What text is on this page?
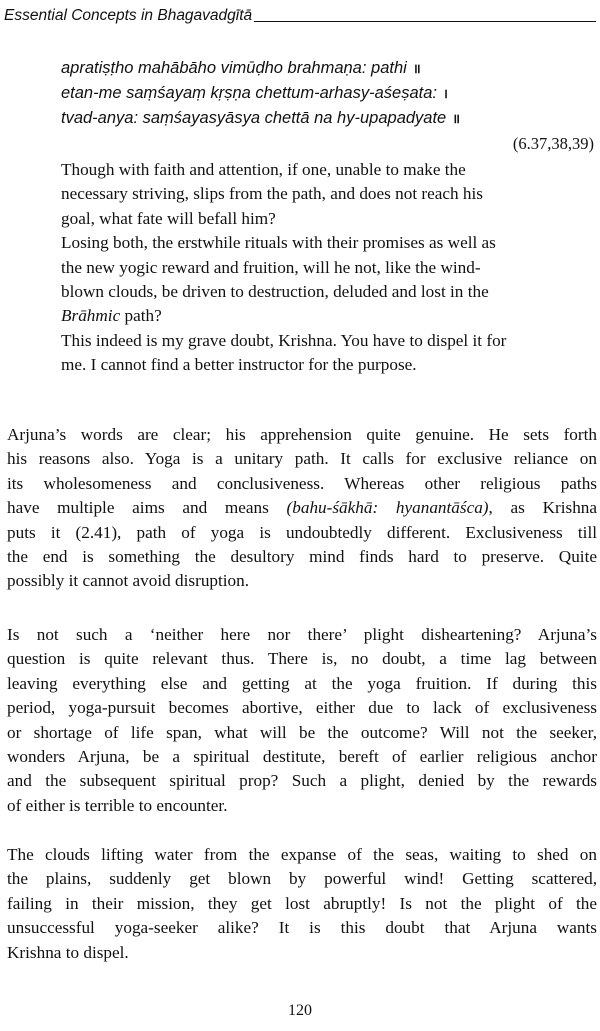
Essential Concepts in Bhagavadgītā
apratiṣṭho mahābāho vimūḍho brahmaṇa: pathi ॥
etan-me saṃśayaṃ kṛṣṇa chettum-arhasy-aśeṣata: ।
tvad-anya: saṃśayasyāsya chettā na hy-upapadyate ॥
(6.37,38,39)
Though with faith and attention, if one, unable to make the
necessary striving, slips from the path, and does not reach his
goal, what fate will befall him?
Losing both, the erstwhile rituals with their promises as well as
the new yogic reward and fruition, will he not, like the wind-
blown clouds, be driven to destruction, deluded and lost in the
Brāhmic path?
This indeed is my grave doubt, Krishna. You have to dispel it for
me. I cannot find a better instructor for the purpose.
Arjuna’s words are clear; his apprehension quite genuine. He sets forth
his reasons also. Yoga is a unitary path. It calls for exclusive reliance on
its wholesomeness and conclusiveness. Whereas other religious paths
have multiple aims and means (bahu-śākhā: hyanantāśca), as Krishna
puts it (2.41), path of yoga is undoubtedly different. Exclusiveness till
the end is something the desultory mind finds hard to preserve. Quite
possibly it cannot avoid disruption.
Is not such a ‘neither here nor there’ plight disheartening? Arjuna’s
question is quite relevant thus. There is, no doubt, a time lag between
leaving everything else and getting at the yoga fruition. If during this
period, yoga-pursuit becomes abortive, either due to lack of exclusiveness
or shortage of life span, what will be the outcome? Will not the seeker,
wonders Arjuna, be a spiritual destitute, bereft of earlier religious anchor
and the subsequent spiritual prop? Such a plight, denied by the rewards
of either is terrible to encounter.
The clouds lifting water from the expanse of the seas, waiting to shed on
the plains, suddenly get blown by powerful wind! Getting scattered,
failing in their mission, they get lost abruptly! Is not the plight of the
unsuccessful yoga-seeker alike? It is this doubt that Arjuna wants
Krishna to dispel.
120
